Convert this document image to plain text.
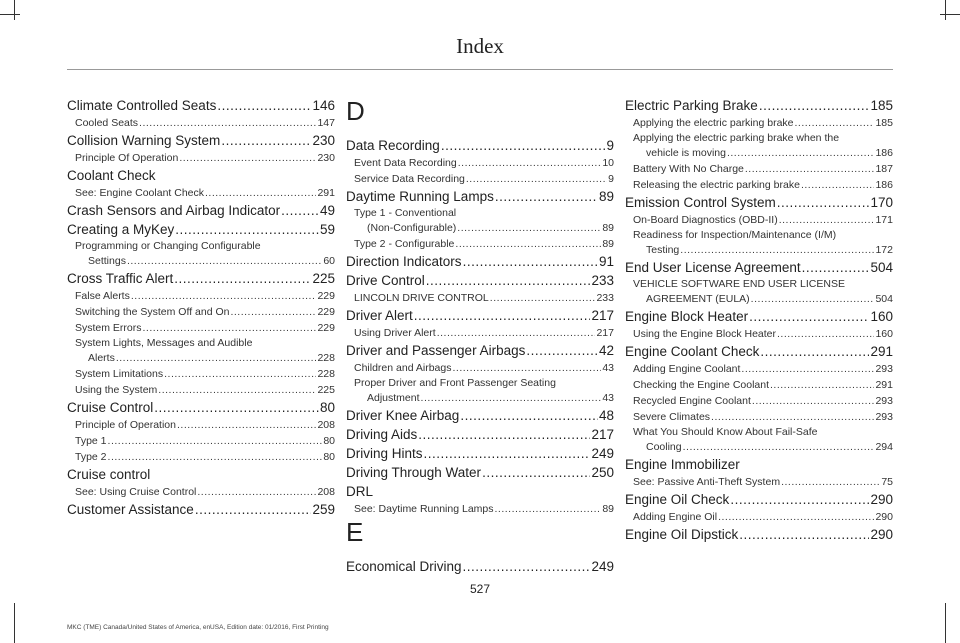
Index
Climate Controlled Seats .....	146
Cooled Seats .....	147
Collision Warning System .....	230
Principle Of Operation .....	230
Coolant Check
See: Engine Coolant Check .....	291
Crash Sensors and Airbag Indicator .....	49
Creating a MyKey .....	59
Programming or Changing Configurable
Settings .....	60
Cross Traffic Alert .....	225
False Alerts .....	229
Switching the System Off and On .....	229
System Errors .....	229
System Lights, Messages and Audible
Alerts .....	228
System Limitations .....	228
Using the System .....	225
Cruise Control .....	80
Principle of Operation .....	208
Type 1 .....	80
Type 2 .....	80
Cruise control
See: Using Cruise Control .....	208
Customer Assistance .....	259
D
Data Recording .....	9
Event Data Recording .....	10
Service Data Recording .....	9
Daytime Running Lamps .....	89
Type 1 - Conventional
(Non-Configurable) .....	89
Type 2 - Configurable .....	89
Direction Indicators .....	91
Drive Control .....	233
LINCOLN DRIVE CONTROL .....	233
Driver Alert .....	217
Using Driver Alert .....	217
Driver and Passenger Airbags .....	42
Children and Airbags .....	43
Proper Driver and Front Passenger Seating
Adjustment .....	43
Driver Knee Airbag .....	48
Driving Aids .....	217
Driving Hints .....	249
Driving Through Water .....	250
DRL
See: Daytime Running Lamps .....	89
E
Economical Driving .....	249
Electric Parking Brake .....	185
Applying the electric parking brake .....	185
Applying the electric parking brake when the
vehicle is moving .....	186
Battery With No Charge .....	187
Releasing the electric parking brake .....	186
Emission Control System .....	170
On-Board Diagnostics (OBD-II) .....	171
Readiness for Inspection/Maintenance (I/M)
Testing .....	172
End User License Agreement .....	504
VEHICLE SOFTWARE END USER LICENSE
AGREEMENT (EULA) .....	504
Engine Block Heater .....	160
Using the Engine Block Heater .....	160
Engine Coolant Check .....	291
Adding Engine Coolant .....	293
Checking the Engine Coolant .....	291
Recycled Engine Coolant .....	293
Severe Climates .....	293
What You Should Know About Fail-Safe
Cooling .....	294
Engine Immobilizer
See: Passive Anti-Theft System .....	75
Engine Oil Check .....	290
Adding Engine Oil .....	290
Engine Oil Dipstick .....	290
527
MKC (TME) Canada/United States of America, enUSA, Edition date: 01/2016, First Printing
